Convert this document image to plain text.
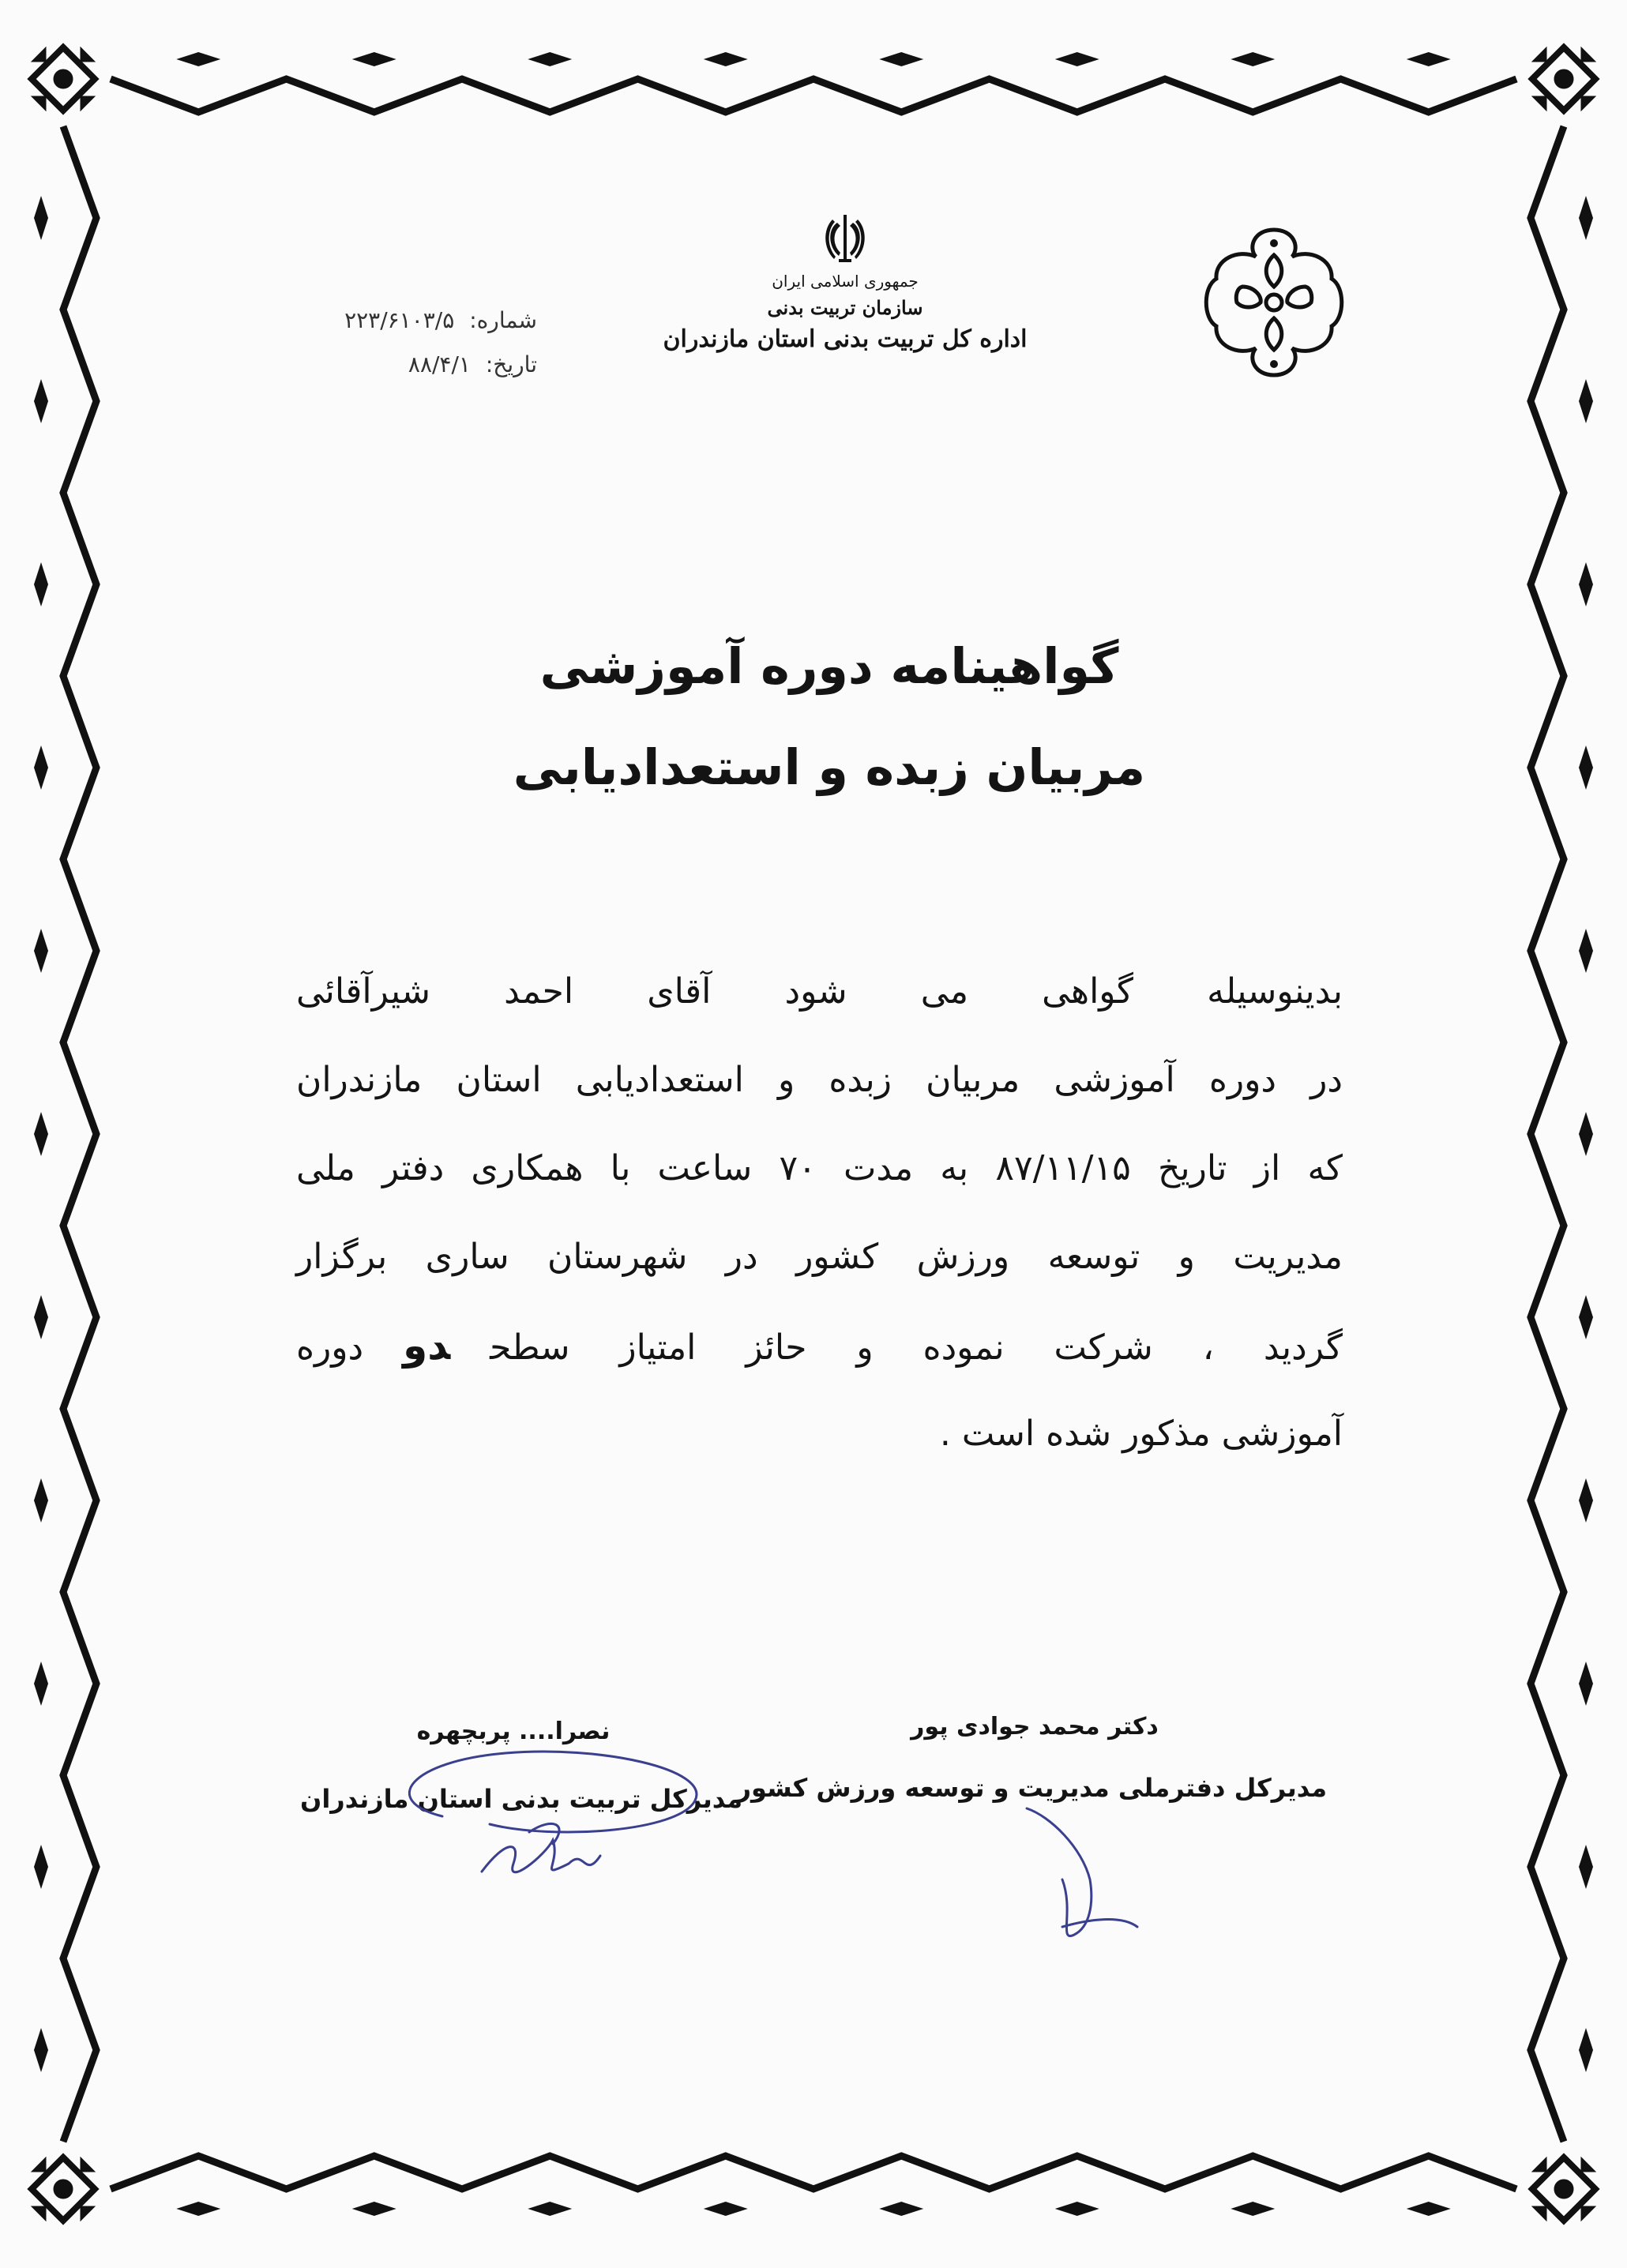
جمهوری اسلامی ایران
سازمان تربیت بدنی
اداره کل تربیت بدنی استان مازندران
شماره: ۲۲۳/۶۱۰۳/۵
تاریخ: ۸۸/۴/۱
گواهینامه دوره آموزشی
مربیان زبده و استعدادیابی
بدینوسیله گواهی می شود آقای احمد شیرآقائی
در دوره آموزشی مربیان زبده و استعدادیابی استان مازندران
که از تاریخ ۸۷/۱۱/۱۵ به مدت ۷۰ ساعت با همکاری دفتر ملی
مدیریت و توسعه ورزش کشور در شهرستان ساری برگزار
گردید ، شرکت نموده و حائز امتیاز سطحدودوره
آموزشی مذکور شده است .
دکتر محمد جوادی پور
مدیرکل دفترملی مدیریت و توسعه ورزش کشور
نصرا.... پربچهره
مدیرکل تربیت بدنی استان مازندران
